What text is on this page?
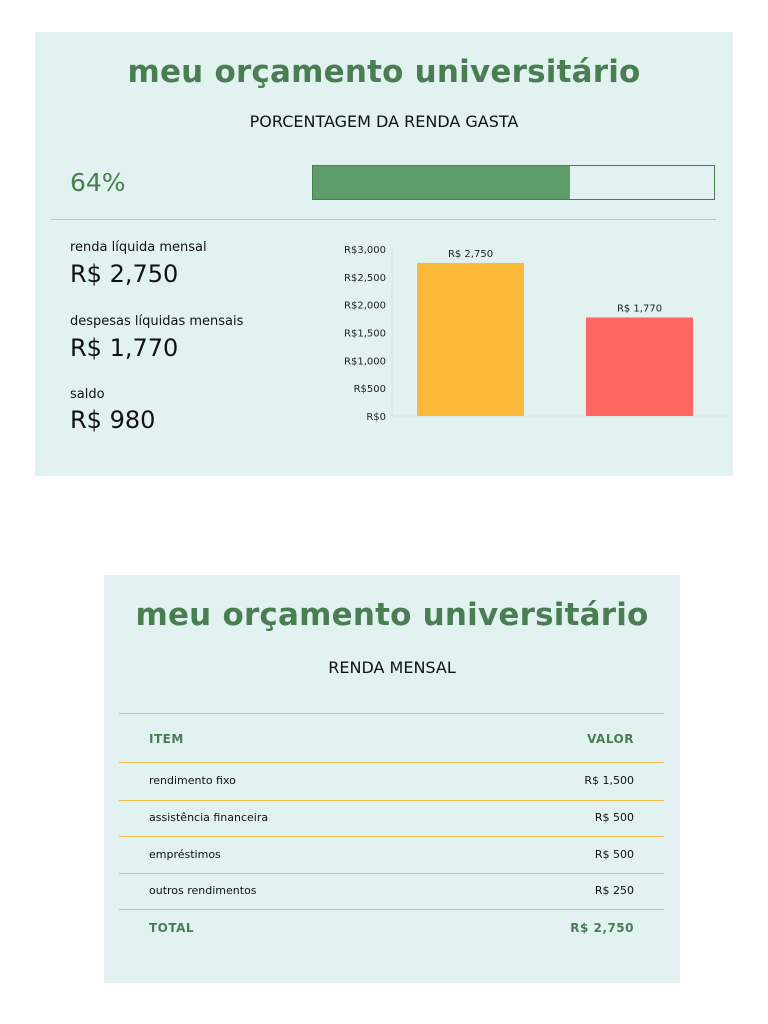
meu orçamento universitário
PORCENTAGEM DA RENDA GASTA
64%
renda líquida mensal
R$ 2,750
despesas líquidas mensais
R$ 1,770
saldo
R$ 980	R$0
R$500
R$1,000
R$1,500
R$2,000
R$2,500
R$3,000	R$ 2,750
R$ 1,770
meu orçamento universitário
RENDA MENSAL
ITEM	VALOR
rendimento fixo	R$ 1,500
assistência financeira	R$ 500
empréstimos	R$ 500
outros rendimentos	R$ 250
TOTAL	R$ 2,750
